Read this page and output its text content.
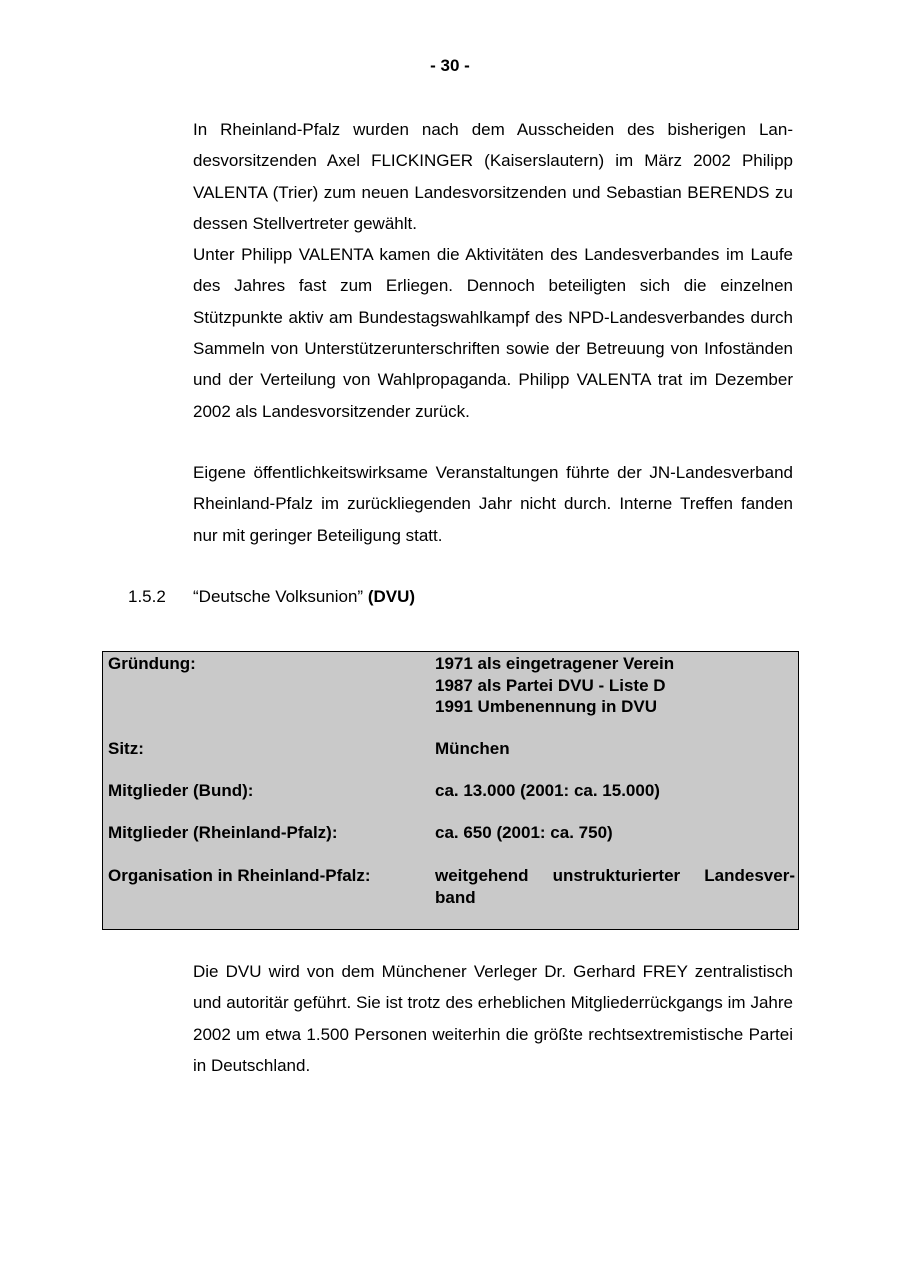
- 30 -

In Rheinland-Pfalz wurden nach dem Ausscheiden des bisherigen Landesvorsitzenden Axel FLICKINGER (Kaiserslautern) im März 2002 Philipp VALENTA (Trier) zum neuen Landesvorsitzenden und Sebastian BERENDS zu dessen Stellvertreter gewählt.

Unter Philipp VALENTA kamen die Aktivitäten des Landesverbandes im Laufe des Jahres fast zum Erliegen. Dennoch beteiligten sich die einzelnen Stützpunkte aktiv am Bundestagswahlkampf des NPD-Landesverbandes durch Sammeln von Unterstützerunterschriften sowie der Betreuung von Infoständen und der Verteilung von Wahlpropaganda. Philipp VALENTA trat im Dezember 2002 als Landesvorsitzender zurück.

Eigene öffentlichkeitswirksame Veranstaltungen führte der JN-Landesverband Rheinland-Pfalz im zurückliegenden Jahr nicht durch. Interne Treffen fanden nur mit geringer Beteiligung statt.

1.5.2 “Deutsche Volksunion” (DVU)
Gründung:	1971 als eingetragener Verein
1987 als Partei DVU - Liste D
1991 Umbenennung in DVU
Sitz:	München
Mitglieder (Bund):	ca. 13.000 (2001: ca. 15.000)
Mitglieder (Rheinland-Pfalz):	ca. 650 (2001: ca. 750)
Organisation in Rheinland-Pfalz:	weitgehend unstrukturierter Landesver-
band

Die DVU wird von dem Münchener Verleger Dr. Gerhard FREY zentralistisch und autoritär geführt. Sie ist trotz des erheblichen Mitgliederrückgangs im Jahre 2002 um etwa 1.500 Personen weiterhin die größte rechtsextremistische Partei in Deutschland.
